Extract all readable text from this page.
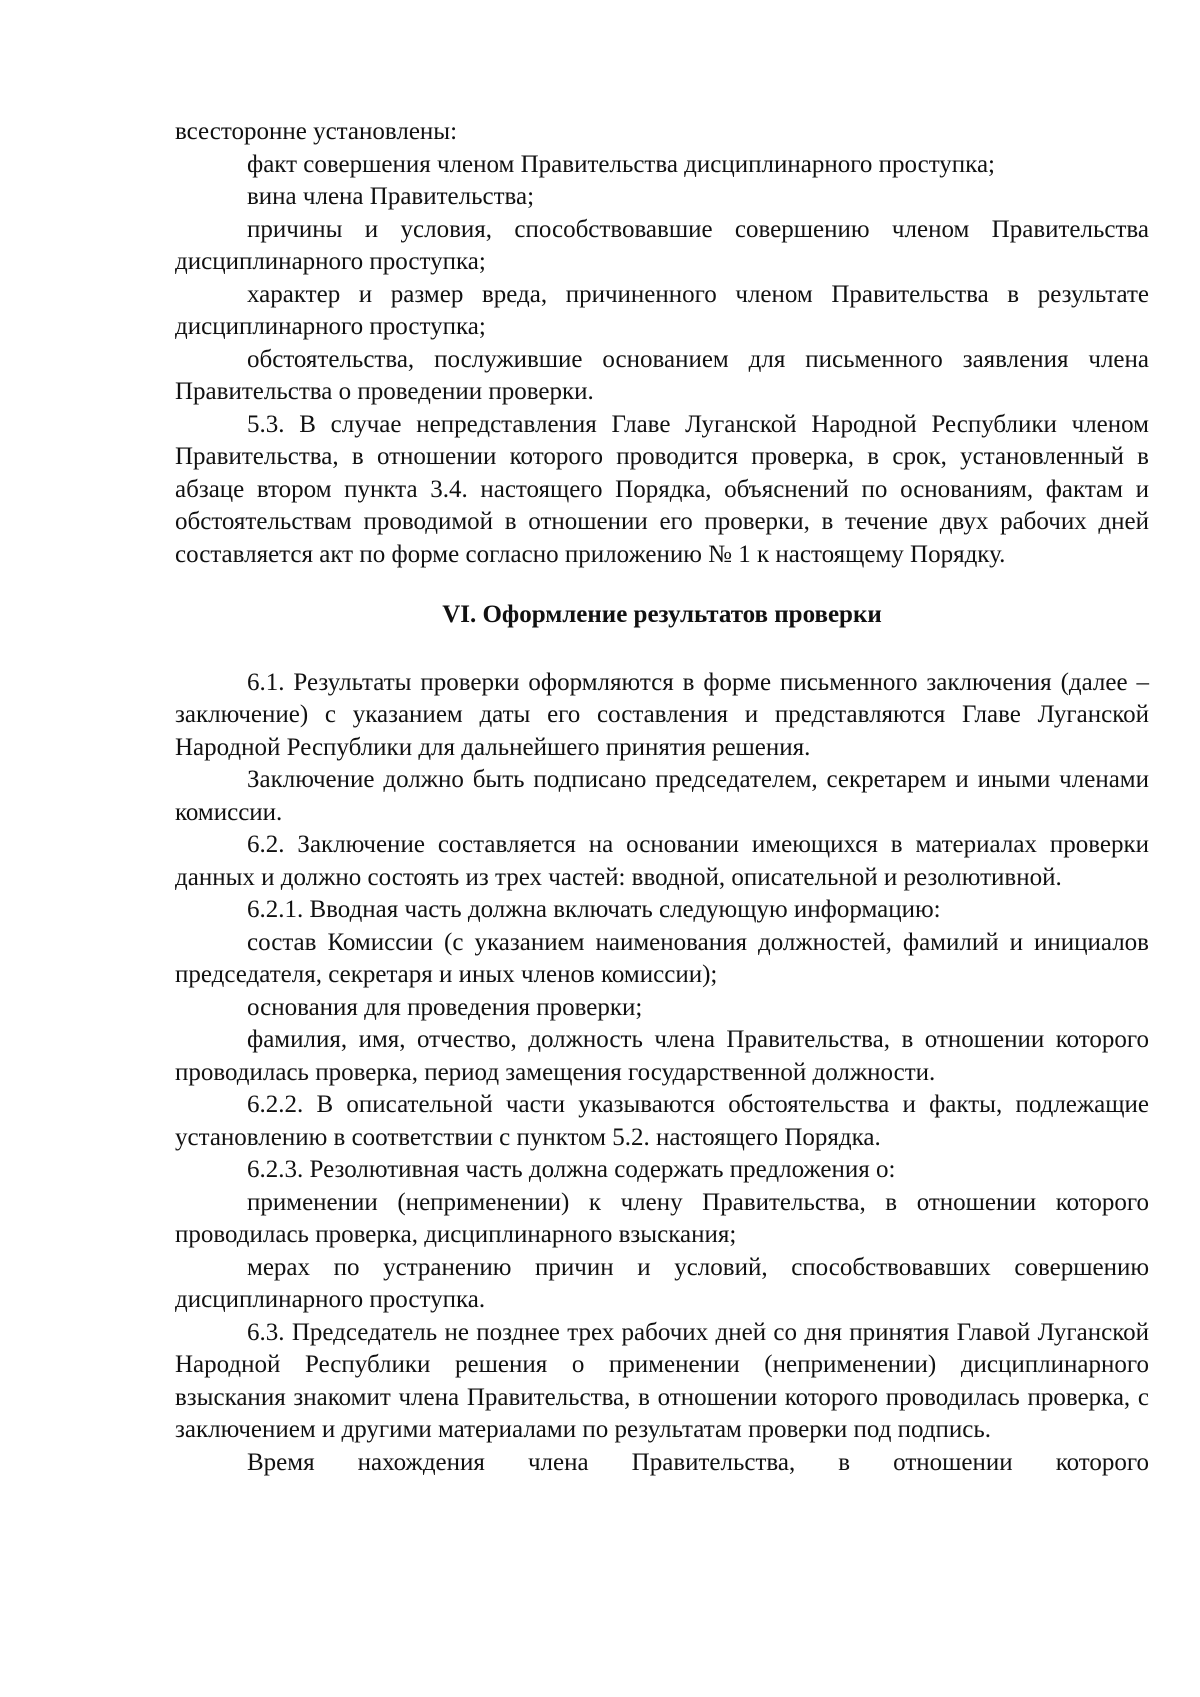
всесторонне установлены:

факт совершения членом Правительства дисциплинарного проступка;

вина члена Правительства;

причины и условия, способствовавшие совершению членом Правительства дисциплинарного проступка;

характер и размер вреда, причиненного членом Правительства в результате дисциплинарного проступка;

обстоятельства, послужившие основанием для письменного заявления члена Правительства о проведении проверки.

5.3. В случае непредставления Главе Луганской Народной Республики членом Правительства, в отношении которого проводится проверка, в срок, установленный в абзаце втором пункта 3.4. настоящего Порядка, объяснений по основаниям, фактам и обстоятельствам проводимой в отношении его проверки, в течение двух рабочих дней составляется акт по форме согласно приложению № 1 к настоящему Порядку.

VI. Оформление результатов проверки

6.1. Результаты проверки оформляются в форме письменного заключения (далее – заключение) с указанием даты его составления и представляются Главе Луганской Народной Республики для дальнейшего принятия решения.

Заключение должно быть подписано председателем, секретарем и иными членами комиссии.

6.2. Заключение составляется на основании имеющихся в материалах проверки данных и должно состоять из трех частей: вводной, описательной и резолютивной.

6.2.1. Вводная часть должна включать следующую информацию:

состав Комиссии (с указанием наименования должностей, фамилий и инициалов председателя, секретаря и иных членов комиссии);

основания для проведения проверки;

фамилия, имя, отчество, должность члена Правительства, в отношении которого проводилась проверка, период замещения государственной должности.

6.2.2. В описательной части указываются обстоятельства и факты, подлежащие установлению в соответствии с пунктом 5.2. настоящего Порядка.

6.2.3. Резолютивная часть должна содержать предложения о:

применении (неприменении) к члену Правительства, в отношении которого проводилась проверка, дисциплинарного взыскания;

мерах по устранению причин и условий, способствовавших совершению дисциплинарного проступка.

6.3. Председатель не позднее трех рабочих дней со дня принятия Главой Луганской Народной Республики решения о применении (неприменении) дисциплинарного взыскания знакомит члена Правительства, в отношении которого проводилась проверка, с заключением и другими материалами по результатам проверки под подпись.

Время нахождения члена Правительства, в отношении которого
